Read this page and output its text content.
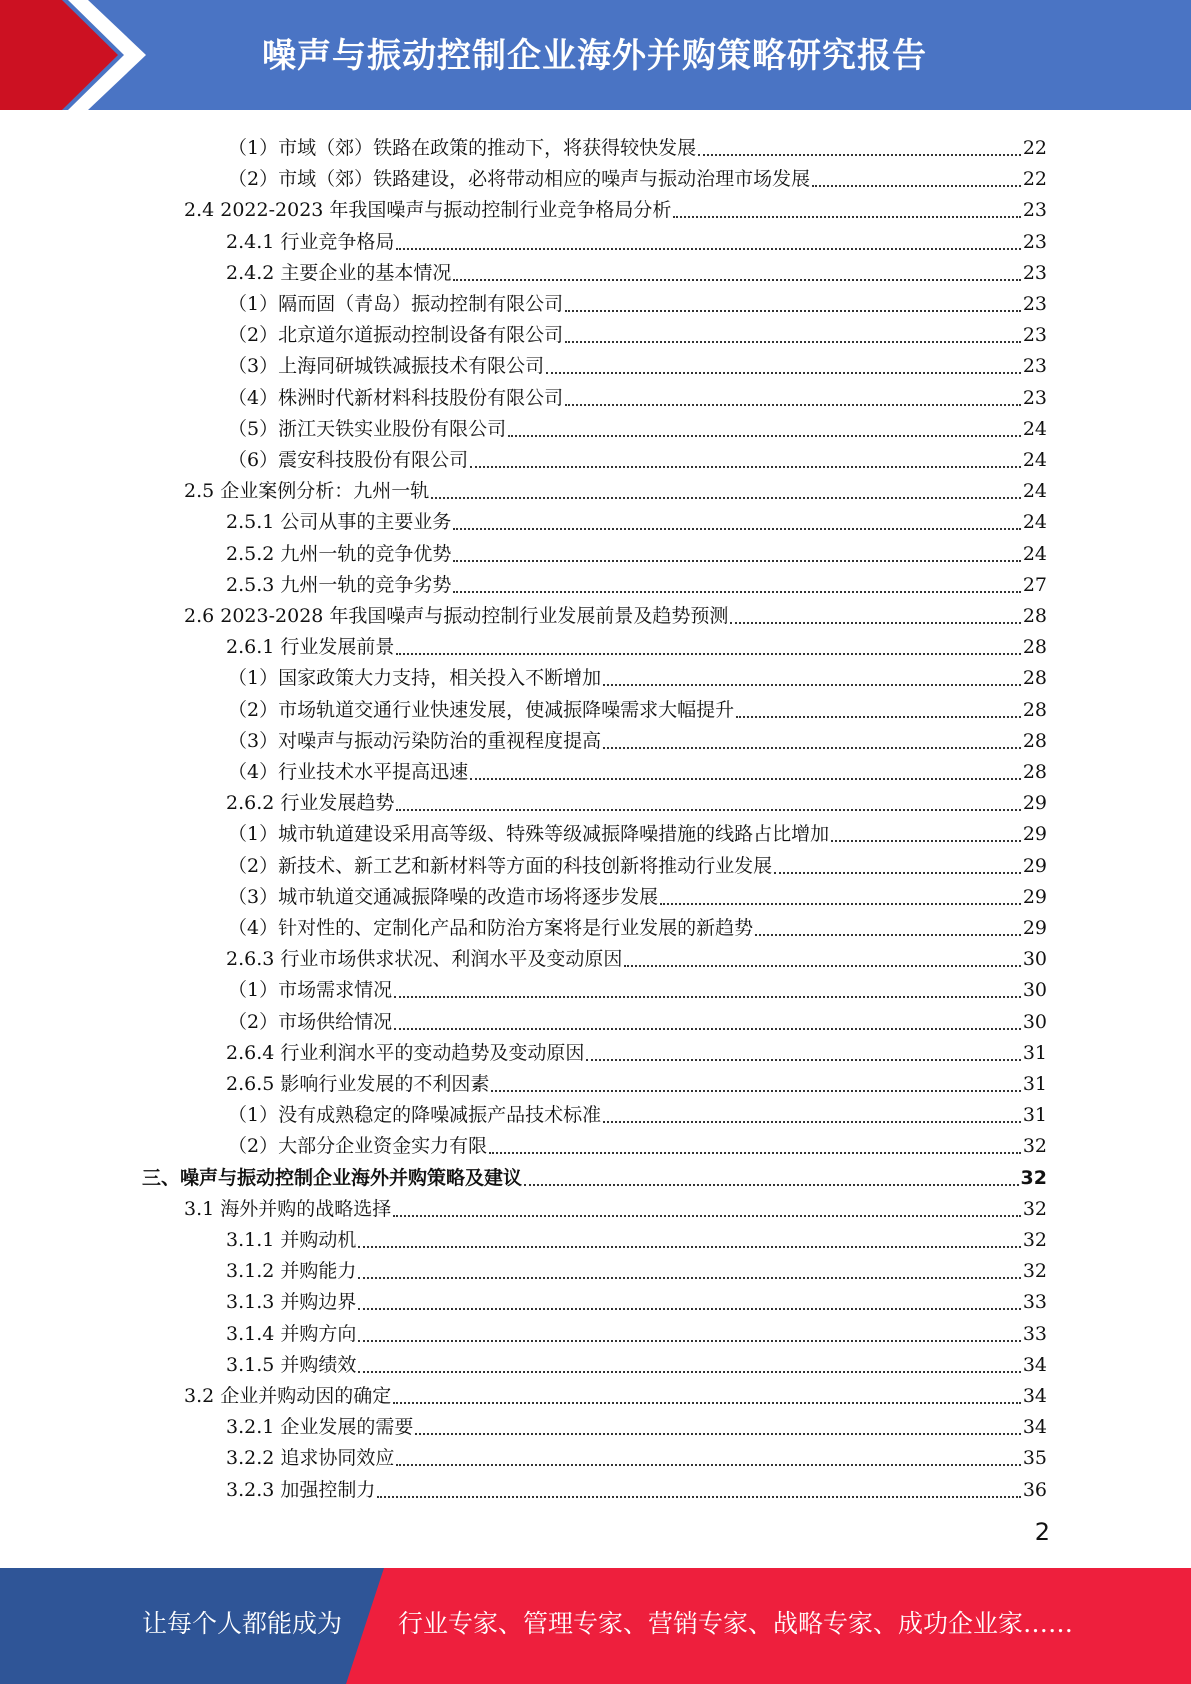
噪声与振动控制企业海外并购策略研究报告
（1）市域（郊）铁路在政策的推动下，将获得较快发展	22
（2）市域（郊）铁路建设，必将带动相应的噪声与振动治理市场发展	22
2.4 2022-2023 年我国噪声与振动控制行业竞争格局分析	23
2.4.1 行业竞争格局	23
2.4.2 主要企业的基本情况	23
（1）隔而固（青岛）振动控制有限公司	23
（2）北京道尔道振动控制设备有限公司	23
（3）上海同研城铁减振技术有限公司	23
（4）株洲时代新材料科技股份有限公司	23
（5）浙江天铁实业股份有限公司	24
（6）震安科技股份有限公司	24
2.5 企业案例分析：九州一轨	24
2.5.1 公司从事的主要业务	24
2.5.2 九州一轨的竞争优势	24
2.5.3 九州一轨的竞争劣势	27
2.6 2023-2028 年我国噪声与振动控制行业发展前景及趋势预测	28
2.6.1 行业发展前景	28
（1）国家政策大力支持，相关投入不断增加	28
（2）市场轨道交通行业快速发展，使减振降噪需求大幅提升	28
（3）对噪声与振动污染防治的重视程度提高	28
（4）行业技术水平提高迅速	28
2.6.2 行业发展趋势	29
（1）城市轨道建设采用高等级、特殊等级减振降噪措施的线路占比增加	29
（2）新技术、新工艺和新材料等方面的科技创新将推动行业发展	29
（3）城市轨道交通减振降噪的改造市场将逐步发展	29
（4）针对性的、定制化产品和防治方案将是行业发展的新趋势	29
2.6.3 行业市场供求状况、利润水平及变动原因	30
（1）市场需求情况	30
（2）市场供给情况	30
2.6.4 行业利润水平的变动趋势及变动原因	31
2.6.5 影响行业发展的不利因素	31
（1）没有成熟稳定的降噪减振产品技术标准	31
（2）大部分企业资金实力有限	32
三、噪声与振动控制企业海外并购策略及建议	32
3.1 海外并购的战略选择	32
3.1.1 并购动机	32
3.1.2 并购能力	32
3.1.3 并购边界	33
3.1.4 并购方向	33
3.1.5 并购绩效	34
3.2 企业并购动因的确定	34
3.2.1 企业发展的需要	34
3.2.2 追求协同效应	35
3.2.3 加强控制力	36
2
让每个人都能成为 行业专家、管理专家、营销专家、战略专家、成功企业家……
